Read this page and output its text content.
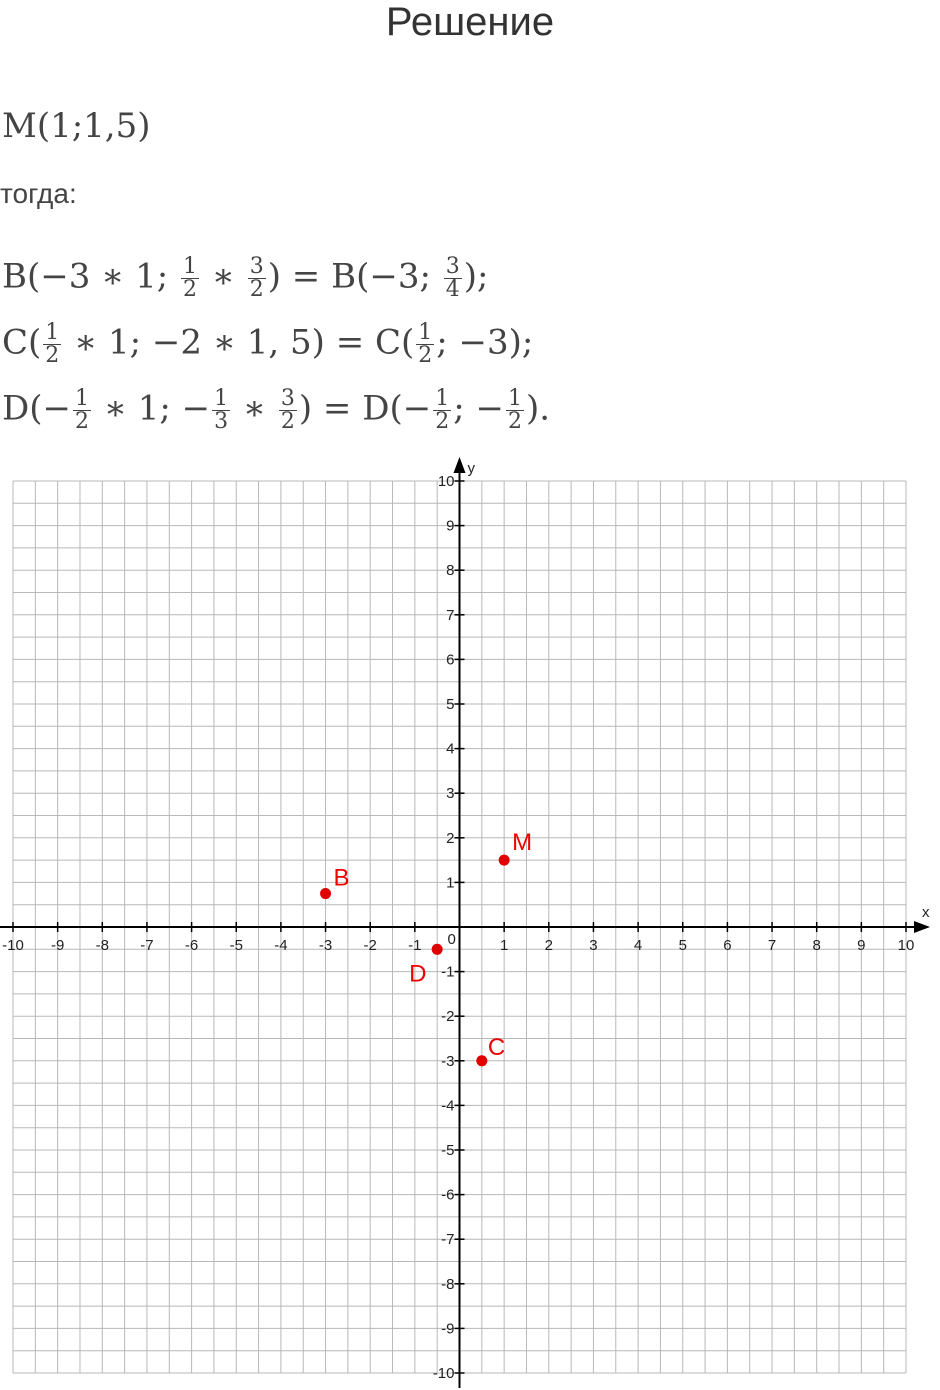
Решение
M(1;1,5)
тогда:
B(−3 ∗ 1; $\frac{1}{2}$ ∗ $\frac{3}{2}$ ) = B(−3; $\frac{3}{4}$ );
$C( \frac{1}{2}$ ∗ 1; −2 ∗ 1, $5) = C( \frac{1}{2}$ ; −3);
$D(- \frac{1}{2}$ ∗ 1; − $\frac{1}{3}$ ∗ $\frac{3}{2}$ ) = $D(- \frac{1}{2}$ ; − $\frac{1}{2}$ ).
x
y
-10 -9 -8 -7 -6 -5 -4 -3 -2 -1	1 2 3 4 5 6 7 8 9 10
10
9
8
7
6
5
4
3
2
1
-1
-2
-3
-4
-5
-6
-7
-8
-9
-10
0
M
B
C
D
